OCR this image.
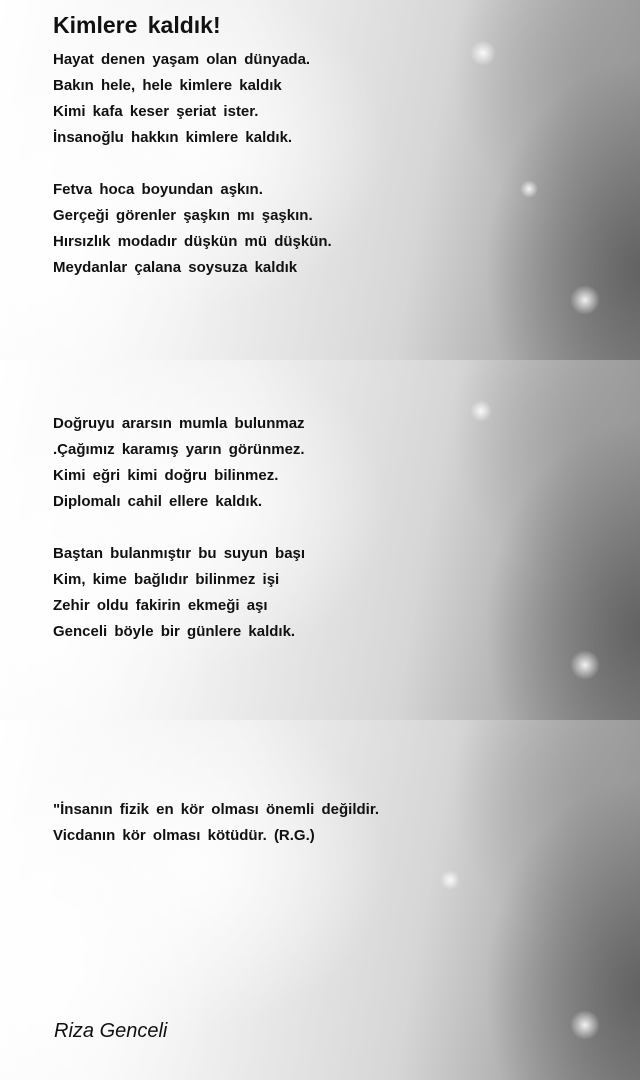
Kimlere kaldık!
Hayat denen yaşam olan dünyada.
Bakın hele, hele kimlere kaldık
Kimi kafa keser şeriat ister.
İnsanoğlu hakkın kimlere kaldık.
Fetva hoca boyundan aşkın.
Gerçeği görenler şaşkın mı şaşkın.
Hırsızlık modadır düşkün mü düşkün.
Meydanlar çalana soysuza kaldık
Doğruyu ararsın mumla bulunmaz
.Çağımız karamış yarın görünmez.
Kimi eğri kimi doğru bilinmez.
Diplomalı cahil ellere kaldık.
Baştan bulanmıştır bu suyun başı
Kim, kime bağlıdır bilinmez işi
Zehir oldu fakirin ekmeği aşı
Genceli böyle bir günlere kaldık.
"İnsanın fizik en kör olması önemli değildir.
Vicdanın kör olması kötüdür. (R.G.)
Riza Genceli
